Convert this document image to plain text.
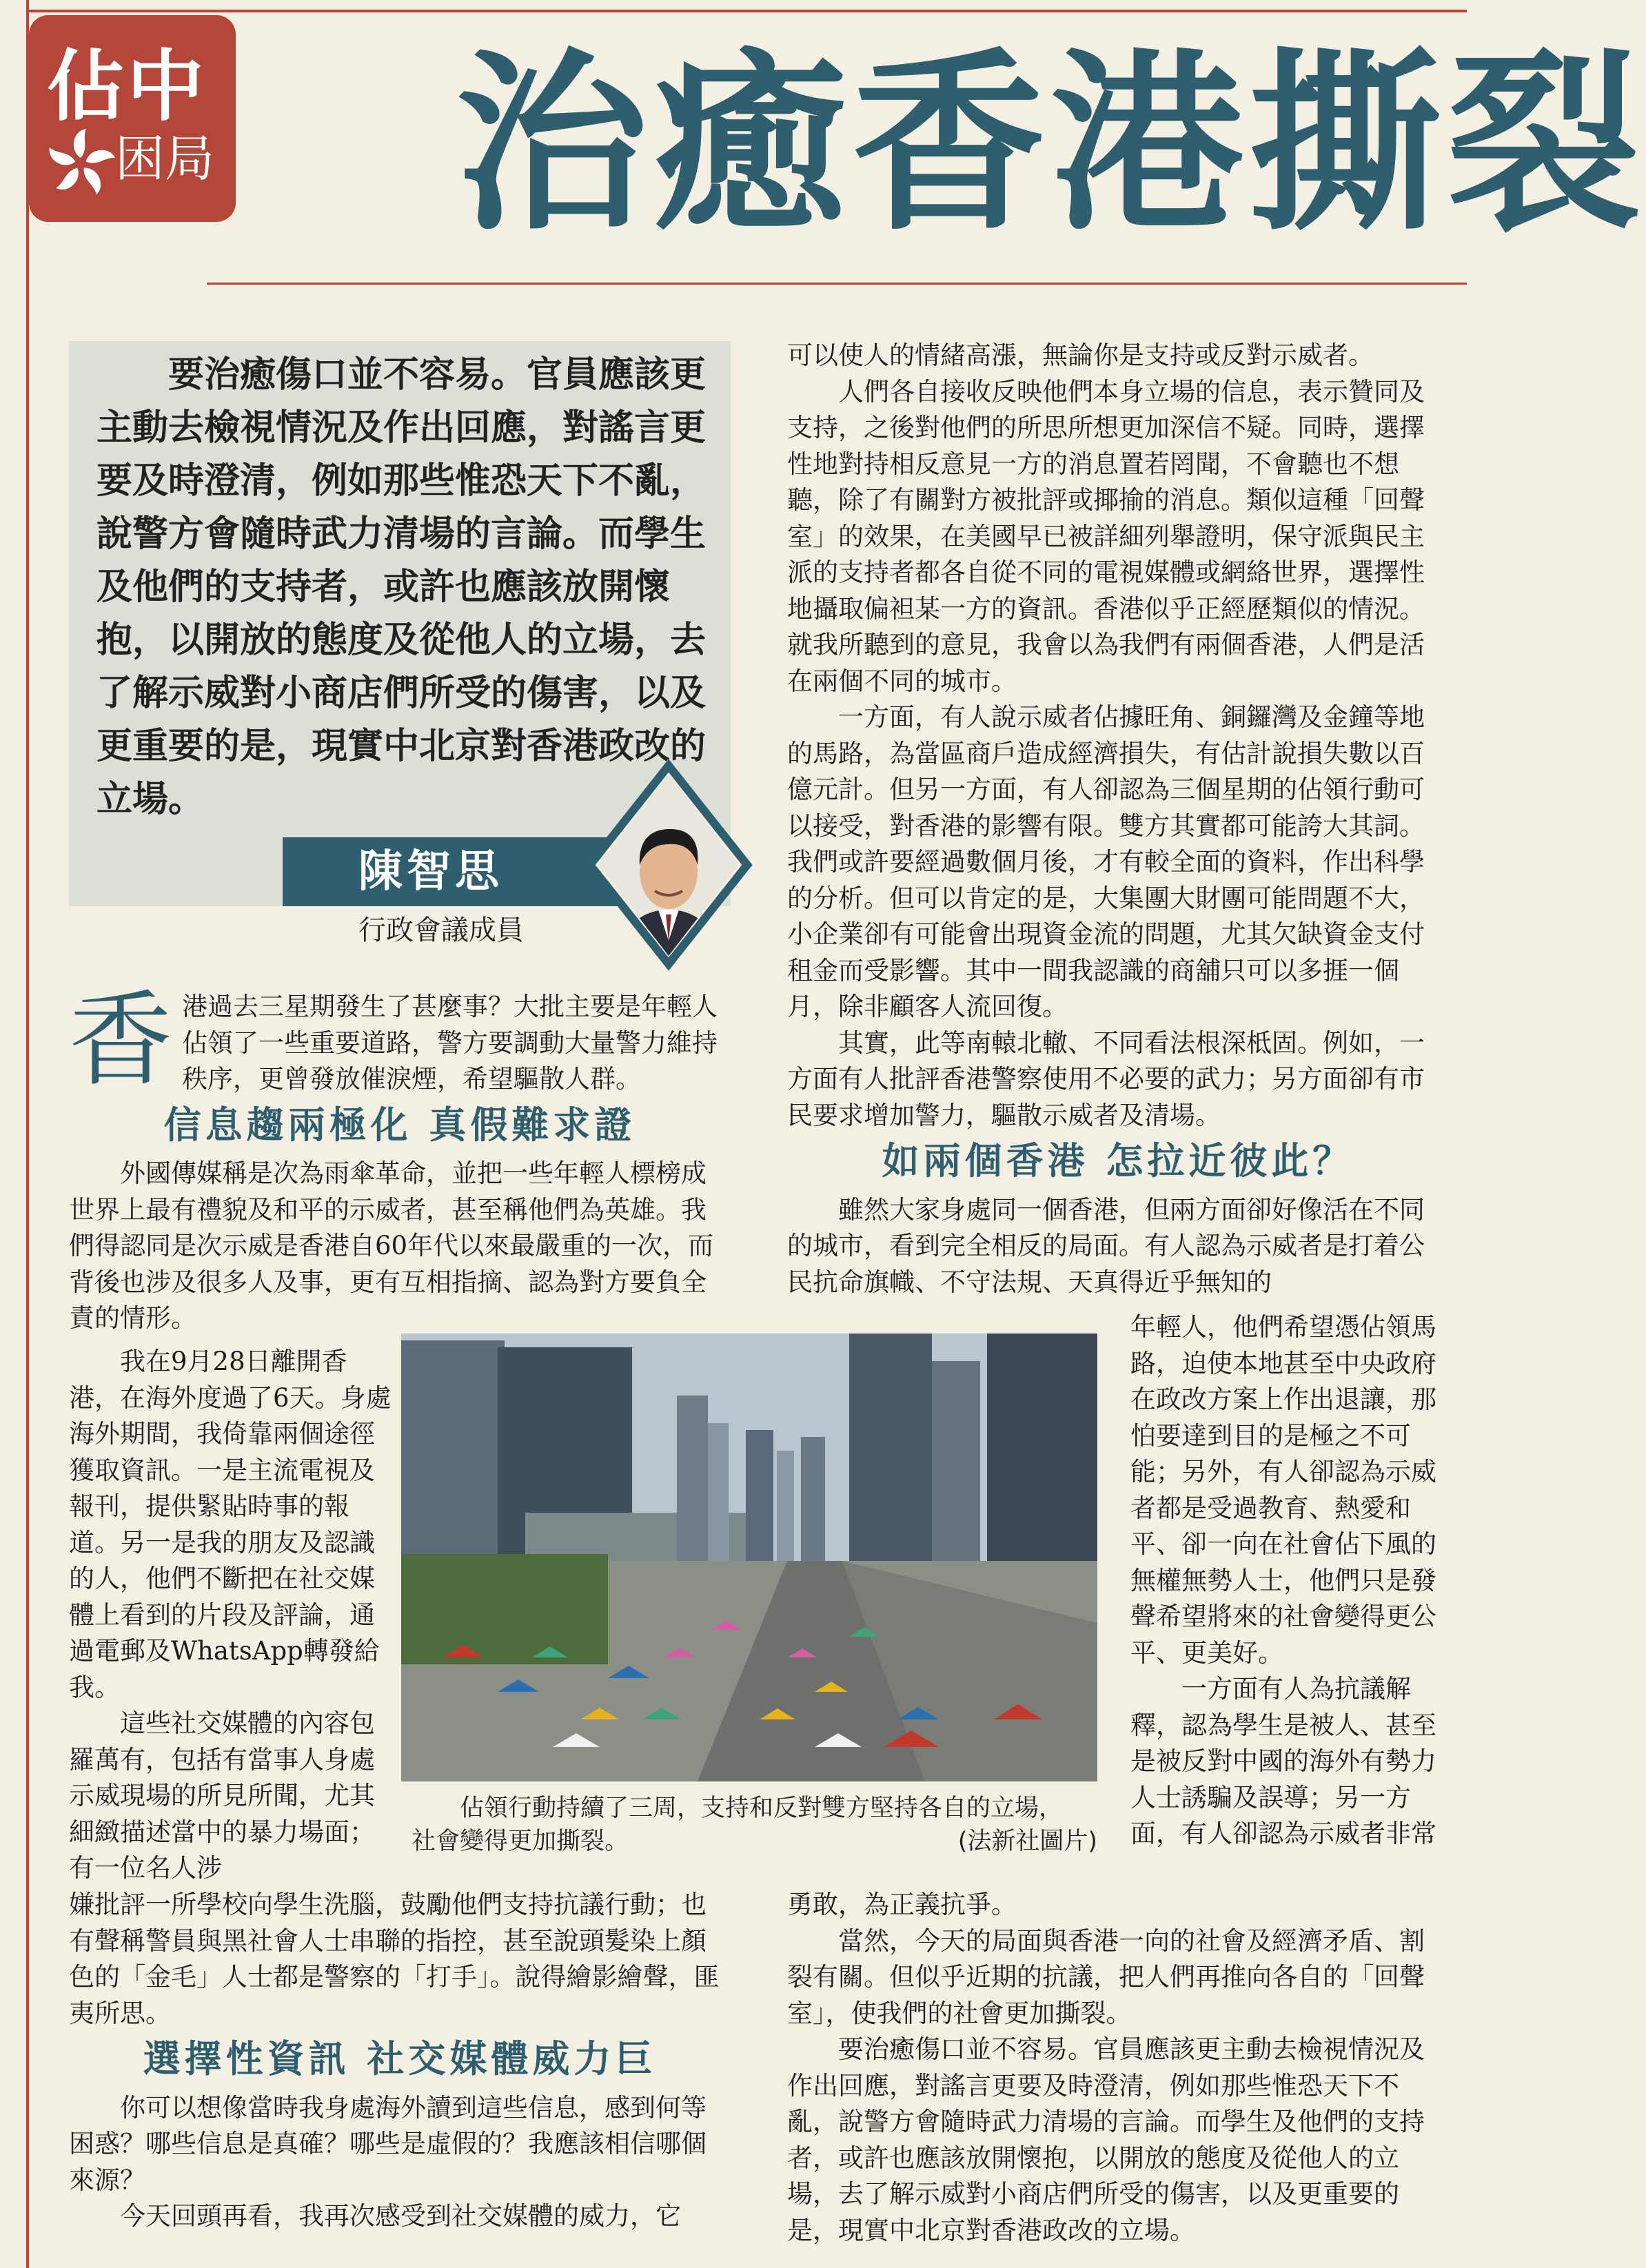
佔中
困局 治癒香港撕裂

要治癒傷口並不容易。官員應該更主動去檢視情況及作出回應，對謠言更要及時澄清，例如那些惟恐天下不亂，說警方會隨時武力清場的言論。而學生及他們的支持者，或許也應該放開懷抱，以開放的態度及從他人的立場，去了解示威對小商店們所受的傷害，以及更重要的是，現實中北京對香港政改的立場。

陳智思
行政會議成員
香 港過去三星期發生了甚麼事？大批主要是年輕人佔領了一些重要道路，警方要調動大量警力維持秩序，更曾發放催淚煙，希望驅散人群。

信息趨兩極化 真假難求證

外國傳媒稱是次為雨傘革命，並把一些年輕人標榜成世界上最有禮貌及和平的示威者，甚至稱他們為英雄。我們得認同是次示威是香港自60年代以來最嚴重的一次，而背後也涉及很多人及事，更有互相指摘、認為對方要負全責的情形。

我在9月28日離開香港，在海外度過了6天。身處海外期間，我倚靠兩個途徑獲取資訊。一是主流電視及報刊，提供緊貼時事的報道。另一是我的朋友及認識的人，他們不斷把在社交媒體上看到的片段及評論，通過電郵及WhatsApp轉發給我。

這些社交媒體的內容包羅萬有，包括有當事人身處示威現場的所見所聞，尤其細緻描述當中的暴力場面；有一位名人涉

嫌批評一所學校向學生洗腦，鼓勵他們支持抗議行動；也有聲稱警員與黑社會人士串聯的指控，甚至說頭髮染上顏色的「金毛」人士都是警察的「打手」。說得繪影繪聲，匪夷所思。

選擇性資訊 社交媒體威力巨

你可以想像當時我身處海外讀到這些信息，感到何等困惑？哪些信息是真確？哪些是虛假的？我應該相信哪個來源？

今天回頭再看，我再次感受到社交媒體的威力，它

可以使人的情緒高漲，無論你是支持或反對示威者。

人們各自接收反映他們本身立場的信息，表示贊同及支持，之後對他們的所思所想更加深信不疑。同時，選擇性地對持相反意見一方的消息置若罔聞，不會聽也不想聽，除了有關對方被批評或揶揄的消息。類似這種「回聲室」的效果，在美國早已被詳細列舉證明，保守派與民主派的支持者都各自從不同的電視媒體或網絡世界，選擇性地攝取偏袒某一方的資訊。香港似乎正經歷類似的情況。就我所聽到的意見，我會以為我們有兩個香港，人們是活在兩個不同的城市。

一方面，有人說示威者佔據旺角、銅鑼灣及金鐘等地的馬路，為當區商戶造成經濟損失，有估計說損失數以百億元計。但另一方面，有人卻認為三個星期的佔領行動可以接受，對香港的影響有限。雙方其實都可能誇大其詞。我們或許要經過數個月後，才有較全面的資料，作出科學的分析。但可以肯定的是，大集團大財團可能問題不大，小企業卻有可能會出現資金流的問題，尤其欠缺資金支付租金而受影響。其中一間我認識的商舖只可以多捱一個月，除非顧客人流回復。

其實，此等南轅北轍、不同看法根深柢固。例如，一方面有人批評香港警察使用不必要的武力；另方面卻有市民要求增加警力，驅散示威者及清場。

如兩個香港 怎拉近彼此？

雖然大家身處同一個香港，但兩方面卻好像活在不同的城市，看到完全相反的局面。有人認為示威者是打着公民抗命旗幟、不守法規、天真得近乎無知的

年輕人，他們希望憑佔領馬路，迫使本地甚至中央政府在政改方案上作出退讓，那怕要達到目的是極之不可能；另外，有人卻認為示威者都是受過教育、熱愛和平、卻一向在社會佔下風的無權無勢人士，他們只是發聲希望將來的社會變得更公平、更美好。

一方面有人為抗議解釋，認為學生是被人、甚至是被反對中國的海外有勢力人士誘騙及誤導；另一方面，有人卻認為示威者非常

勇敢，為正義抗爭。

當然，今天的局面與香港一向的社會及經濟矛盾、割裂有關。但似乎近期的抗議，把人們再推向各自的「回聲室」，使我們的社會更加撕裂。

要治癒傷口並不容易。官員應該更主動去檢視情況及作出回應，對謠言更要及時澄清，例如那些惟恐天下不亂，說警方會隨時武力清場的言論。而學生及他們的支持者，或許也應該放開懷抱，以開放的態度及從他人的立場，去了解示威對小商店們所受的傷害，以及更重要的是，現實中北京對香港政改的立場。

佔領行動持續了三周，支持和反對雙方堅持各自的立場，
社會變得更加撕裂。	(法新社圖片)
